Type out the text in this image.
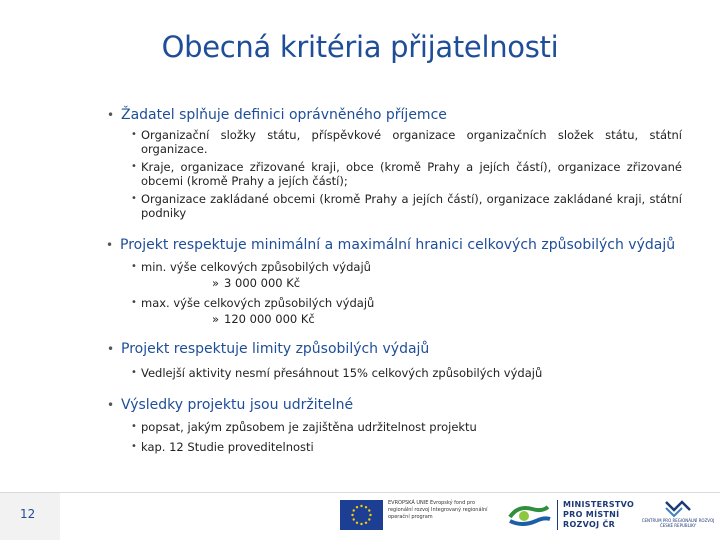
Obecná kritéria přijatelnosti
• Žadatel splňuje definici oprávněného příjemce
• Organizační složky státu, příspěvkové organizace organizačních složek státu, státní organizace.
• Kraje, organizace zřizované kraji, obce (kromě Prahy a jejích částí), organizace zřizované obcemi (kromě Prahy a jejích částí);
• Organizace zakládané obcemi (kromě Prahy a jejích částí), organizace zakládané kraji, státní podniky
• Projekt respektuje minimální a maximální hranici celkových způsobilých výdajů
• min. výše celkových způsobilých výdajů
» 3 000 000 Kč
• max. výše celkových způsobilých výdajů
» 120 000 000 Kč
• Projekt respektuje limity způsobilých výdajů
• Vedlejší aktivity nesmí přesáhnout 15% celkových způsobilých výdajů
• Výsledky projektu jsou udržitelné
• popsat, jakým způsobem je zajištěna udržitelnost projektu
• kap. 12 Studie proveditelnosti
12
EVROPSKÁ UNIE Evropský fond pro regionální rozvoj Integrovaný regionální operační program
MINISTERSTVO
PRO MÍSTNÍ
ROZVOJ ČR	CENTRUM PRO REGIONÁLNÍ ROZVOJ ČESKÉ REPUBLIKY
